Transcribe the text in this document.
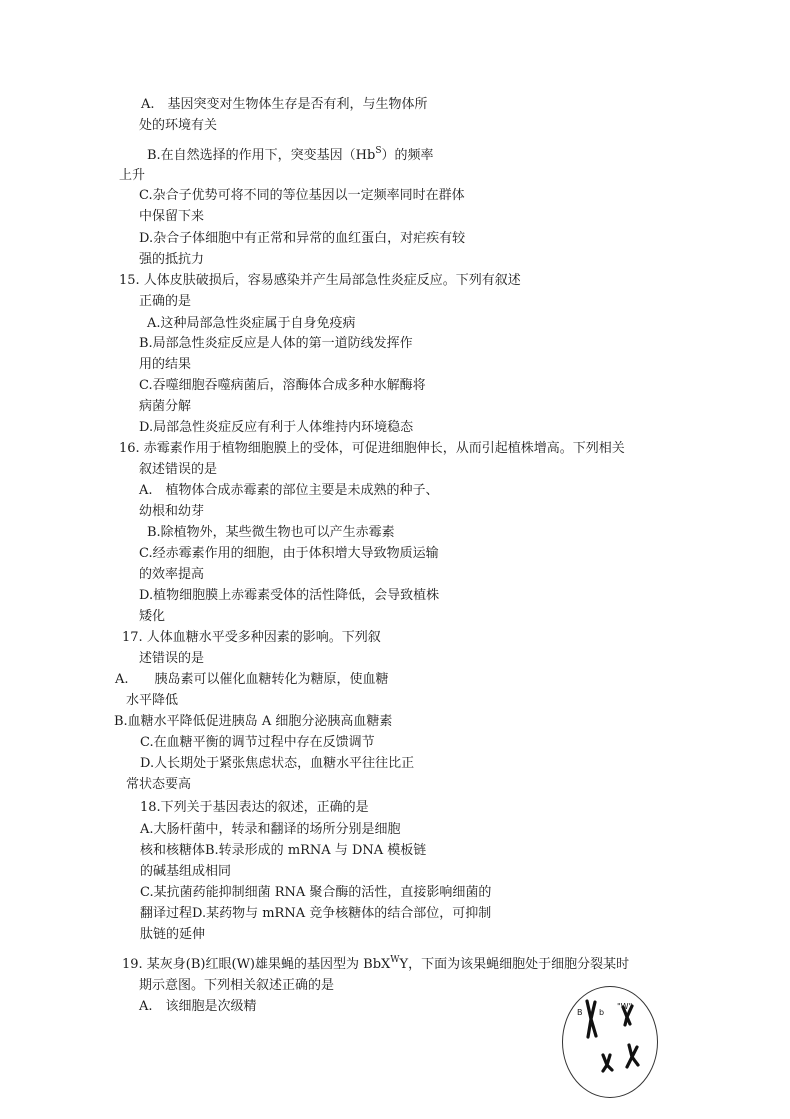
A.　基因突变对生物体生存是否有利，与生物体所
处的环境有关
B.在自然选择的作用下，突变基因$(Hb^S)$的频率
上升
C.杂合子优势可将不同的等位基因以一定频率同时在群体
中保留下来
D.杂合子体细胞中有正常和异常的血红蛋白，对疟疾有较
强的抵抗力
15. 人体皮肤破损后，容易感染并产生局部急性炎症反应。下列有叙述
正确的是
A.这种局部急性炎症属于自身免疫病
B.局部急性炎症反应是人体的第一道防线发挥作
用的结果
C.吞噬细胞吞噬病菌后，溶酶体合成多种水解酶将
病菌分解
D.局部急性炎症反应有利于人体维持内环境稳态
16. 赤霉素作用于植物细胞膜上的受体，可促进细胞伸长，从而引起植株增高。下列相关
叙述错误的是
A.　植物体合成赤霉素的部位主要是未成熟的种子、
幼根和幼芽
B.除植物外，某些微生物也可以产生赤霉素
C.经赤霉素作用的细胞，由于体积增大导致物质运输
的效率提高
D.植物细胞膜上赤霉素受体的活性降低，会导致植株
矮化
17. 人体血糖水平受多种因素的影响。下列叙
述错误的是
A.　　胰岛素可以催化血糖转化为糖原，使血糖
水平降低
B.血糖水平降低促进胰岛 A 细胞分泌胰高血糖素
C.在血糖平衡的调节过程中存在反馈调节
D.人长期处于紧张焦虑状态，血糖水平往往比正
常状态要高
18.下列关于基因表达的叙述，正确的是
A.大肠杆菌中，转录和翻译的场所分别是细胞
核和核糖体B.转录形成的 mRNA 与 DNA 模板链
的碱基组成相同
C.某抗菌药能抑制细菌 RNA 聚合酶的活性，直接影响细菌的
翻译过程D.某药物与 mRNA 竞争核糖体的结合部位，可抑制
肽链的延伸
19. 某灰身(B)红眼(W)雄果蝇的基因型为 BbX$^W$Y，下面为该果蝇细胞处于细胞分裂某时
期示意图。下列相关叙述正确的是
A.　该细胞是次级精	B b
"W"
